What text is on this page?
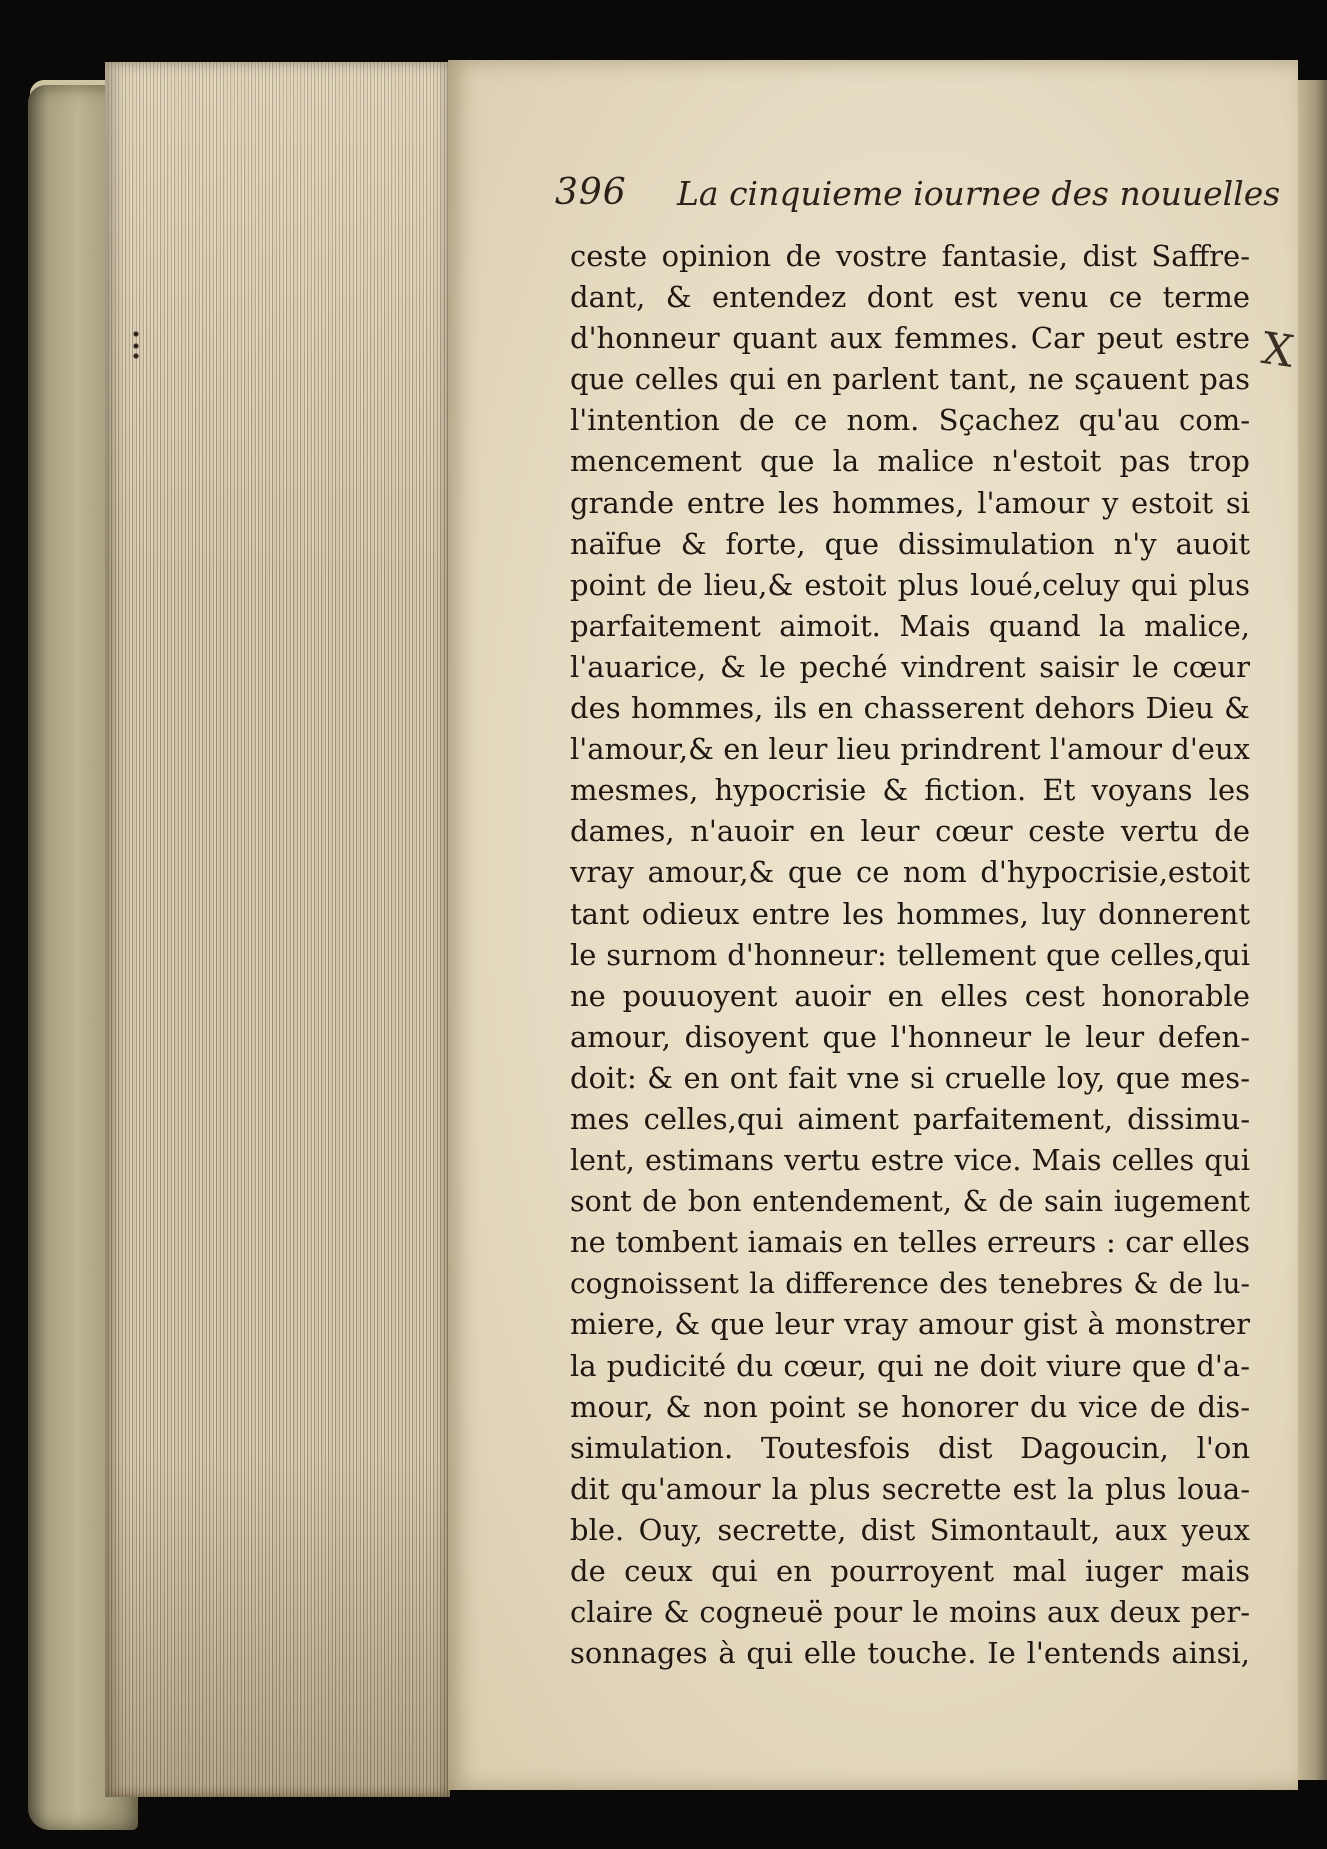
396 La cinquieme iournee des nouuelles
ceste opinion de vostre fantasie, dist Saffre-
dant, & entendez dont est venu ce terme
d'honneur quant aux femmes. Car peut estre
que celles qui en parlent tant, ne sçauent pas
l'intention de ce nom. Sçachez qu'au com-
mencement que la malice n'estoit pas trop
grande entre les hommes, l'amour y estoit si
naïfue & forte, que dissimulation n'y auoit
point de lieu,& estoit plus loué,celuy qui plus
parfaitement aimoit. Mais quand la malice,
l'auarice, & le peché vindrent saisir le cœur
des hommes, ils en chasserent dehors Dieu &
l'amour,& en leur lieu prindrent l'amour d'eux
mesmes, hypocrisie & fiction. Et voyans les
dames, n'auoir en leur cœur ceste vertu de
vray amour,& que ce nom d'hypocrisie,estoit
tant odieux entre les hommes, luy donnerent
le surnom d'honneur: tellement que celles,qui
ne pouuoyent auoir en elles cest honorable
amour, disoyent que l'honneur le leur defen-
doit: & en ont fait vne si cruelle loy, que mes-
mes celles,qui aiment parfaitement, dissimu-
lent, estimans vertu estre vice. Mais celles qui
sont de bon entendement, & de sain iugement
ne tombent iamais en telles erreurs : car elles
cognoissent la difference des tenebres & de lu-
miere, & que leur vray amour gist à monstrer
la pudicité du cœur, qui ne doit viure que d'a-
mour, & non point se honorer du vice de dis-
simulation. Toutesfois dist Dagoucin, l'on
dit qu'amour la plus secrette est la plus loua-
ble. Ouy, secrette, dist Simontault, aux yeux
de ceux qui en pourroyent mal iuger mais
claire & cogneuë pour le moins aux deux per-
sonnages à qui elle touche. Ie l'entends ainsi,
X
